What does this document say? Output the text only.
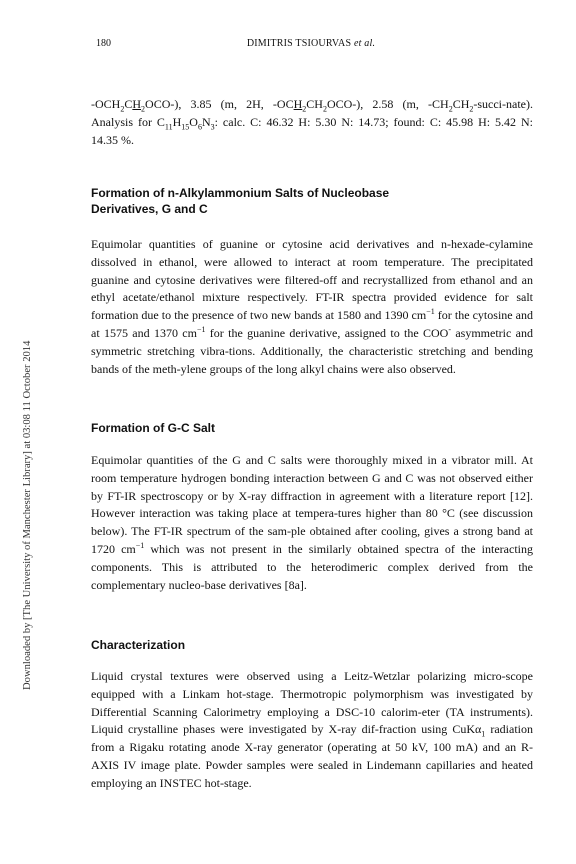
Downloaded by [The University of Manchester Library] at 03:08 11 October 2014
180	DIMITRIS TSIOURVAS et al.

$-OCH_2CH_2OCO-$), 3.85 (m, 2H, $-OCH_2CH_2OCO-$), 2.58 (m, $-CH_2CH_2-succi-nate$). Analysis for $C_{11}H_{15}O_6N_3$: calc. C: 46.32 H: 5.30 N: 14.73; found: C: 45.98 H: 5.42 N: 14.35 %.

Formation of n-Alkylammonium Salts of Nucleobase Derivatives, G and C

Equimolar quantities of guanine or cytosine acid derivatives and n-hexade-cylamine dissolved in ethanol, were allowed to interact at room temperature. The precipitated guanine and cytosine derivatives were filtered-off and recrystallized from ethanol and an ethyl acetate/ethanol mixture respectively. FT-IR spectra provided evidence for salt formation due to the presence of two new bands at 1580 and 1390 $cm^{-1}$ for the cytosine and at 1575 and 1370 $cm^{-1}$ for the guanine derivative, assigned to the COO- asymmetric and symmetric stretching vibra-tions. Additionally, the characteristic stretching and bending bands of the meth-ylene groups of the long alkyl chains were also observed.

Formation of G-C Salt

Equimolar quantities of the G and C salts were thoroughly mixed in a vibrator mill. At room temperature hydrogen bonding interaction between G and C was not observed either by FT-IR spectroscopy or by X-ray diffraction in agreement with a literature report [12]. However interaction was taking place at tempera-tures higher than 80 °C (see discussion below). The FT-IR spectrum of the sam-ple obtained after cooling, gives a strong band at 1720 $cm^{-1}$ which was not present in the similarly obtained spectra of the interacting components. This is attributed to the heterodimeric complex derived from the complementary nucleo-base derivatives [8a].

Characterization

Liquid crystal textures were observed using a Leitz-Wetzlar polarizing micro-scope equipped with a Linkam hot-stage. Thermotropic polymorphism was investigated by Differential Scanning Calorimetry employing a DSC-10 calorim-eter (TA instruments). Liquid crystalline phases were investigated by X-ray dif-fraction using CuKα$_1$ radiation from a Rigaku rotating anode X-ray generator (operating at 50 kV, 100 mA) and an R-AXIS IV image plate. Powder samples were sealed in Lindemann capillaries and heated employing an INSTEC hot-stage.
